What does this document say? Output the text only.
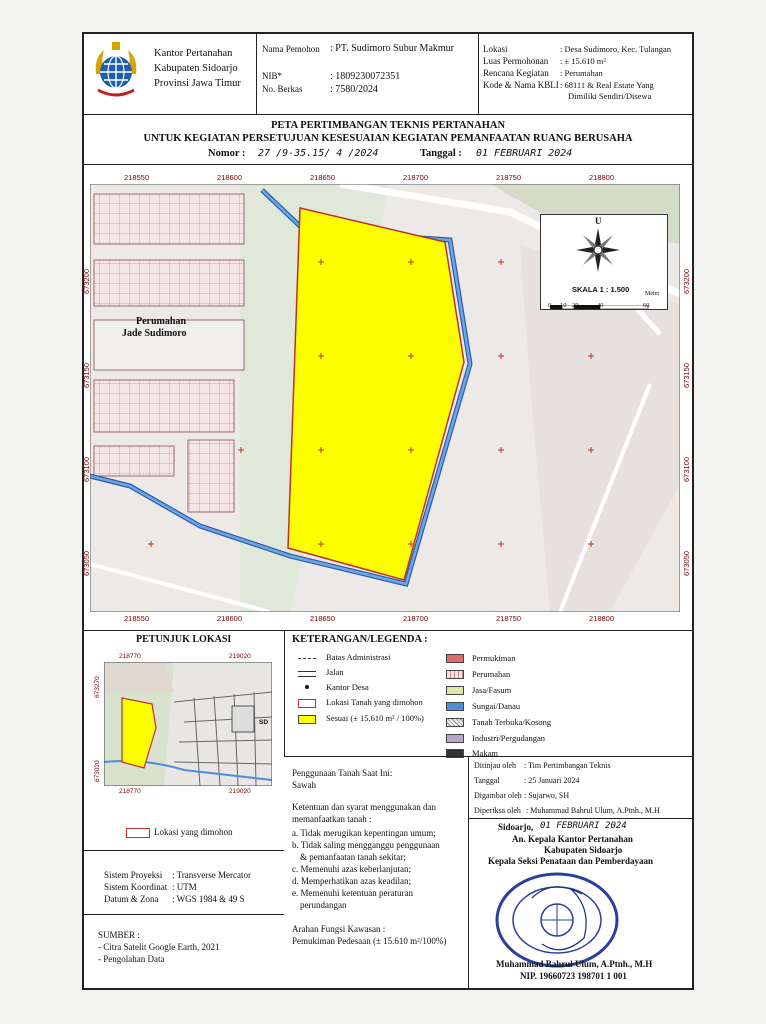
Kantor Pertanahan
Kabupaten Sidoarjo
Provinsi Jawa Timur
Nama Pemohon : PT. Sudimoro Subur Makmur
NIB*	: 1809230072351
No. Berkas	: 7580/2024
Lokasi	: Desa Sudimoro, Kec. Tulangan
Luas Permohonan : ± 15.610 m²
Rencana Kegiatan : Perumahan
Kode & Nama KBLI : 68111 & Real Estate Yang
Dimiliki Sendiri/Disewa
PETA PERTIMBANGAN TEKNIS PERTANAHAN
UNTUK KEGIATAN PERSETUJUAN KESESUAIAN KEGIATAN PEMANFAATAN RUANG BERUSAHA
Nomor : 27 /9-35.15/ 4 /2024	Tanggal : 01 FEBRUARI 2024
218550	218600	218650	218700	218750	218800
218550	218600	218650	218700	218750	218800
673200
673150
673100
673050
673200
673150
673100
673050
Perumahan
Jade Sudimoro
U
SKALA 1 : 1.500
0 10 20	40	60
Meter
PETUNJUK LOKASI
218770	219020
218770	219020
673270
673020
SD
Lokasi yang dimohon
KETERANGAN/LEGENDA :
Batas Administrasi
Jalan
Kantor Desa
Lokasi Tanah yang dimohon
Sesuai (± 15.610 m² / 100%)
Permukiman
Perumahan
Jasa/Fasum
Sungai/Danau
Tanah Terbuka/Kosong
Industri/Pergudangan
Makam
Sistem Proyeksi : Transverse Mercator
Sistem Koordinat : UTM
Datum & Zona : WGS 1984 & 49 S
SUMBER :
- Citra Satelit Google Earth, 2021
- Pengolahan Data
Penggunaan Tanah Saat Ini:
Sawah
Ketentuan dan syarat menggunakan dan
memanfaatkan tanah :
a. Tidak merugikan kepentingan umum;
b. Tidak saling mengganggu penggunaan
& pemanfaatan tanah sekitar;
c. Memenuhi azas keberlanjutan;
d. Memperhatikan azas keadilan;
e. Memenuhi ketentuan peraturan
perundangan
Arahan Fungsi Kawasan :
Pemukiman Pedesaan (± 15.610 m²/100%)
Ditinjau oleh : Tim Pertimbangan Teknis
Tanggal	: 25 Januari 2024
Digambar oleh : Sujarwo, SH
Diperiksa oleh : Muhammad Bahrul Ulum, A.Ptnh., M.H
Sidoarjo, 01 FEBRUARI 2024
An. Kepala Kantor Pertanahan
Kabupaten Sidoarjo
Kepala Seksi Penataan dan Pemberdayaan
Muhammad Bahrul Ulum, A.Ptnh., M.H
NIP. 19660723 198701 1 001
